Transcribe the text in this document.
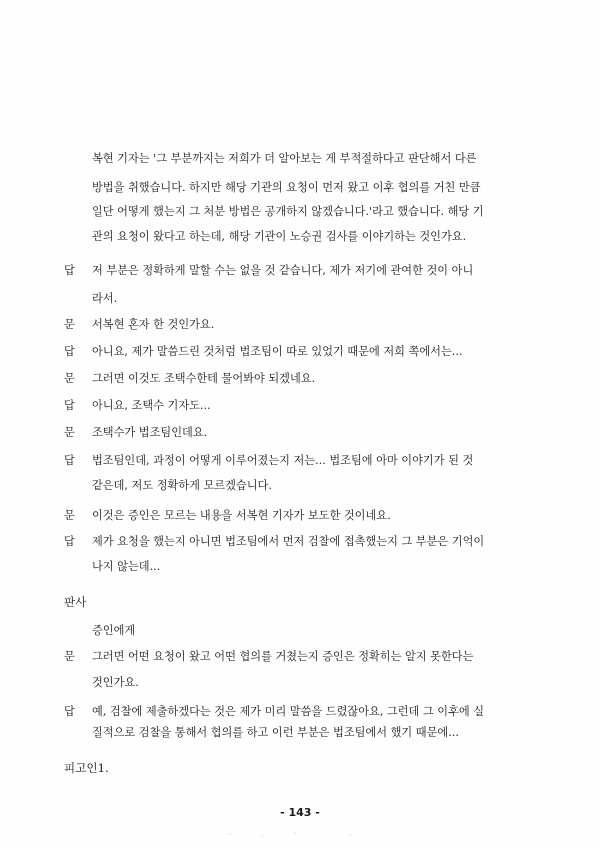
복현 기자는 '그 부분까지는 저희가 더 알아보는 게 부적절하다고 판단해서 다른
방법을 취했습니다. 하지만 해당 기관의 요청이 먼저 왔고 이후 협의를 거친 만큼
일단 어떻게 했는지 그 처분 방법은 공개하지 않겠습니다.'라고 했습니다. 해당 기
관의 요청이 왔다고 하는데, 해당 기관이 노승권 검사를 이야기하는 것인가요.
답 저 부분은 정확하게 말할 수는 없을 것 같습니다, 제가 저기에 관여한 것이 아니
라서.
문 서복현 혼자 한 것인가요.
답 아니요, 제가 말씀드린 것처럼 법조팀이 따로 있었기 때문에 저희 쪽에서는...
문 그러면 이것도 조택수한테 물어봐야 되겠네요.
답 아니요, 조택수 기자도...
문 조택수가 법조팀인데요.
답 법조팀인데, 과정이 어떻게 이루어졌는지 저는... 법조팀에 아마 이야기가 된 것
같은데, 저도 정확하게 모르겠습니다.
문 이것은 증인은 모르는 내용을 서복현 기자가 보도한 것이네요.
답 제가 요청을 했는지 아니면 법조팀에서 먼저 검찰에 접촉했는지 그 부분은 기억이
나지 않는데...
판사
증인에게
문 그러면 어떤 요청이 왔고 어떤 협의를 거쳤는지 증인은 정확히는 알지 못한다는
것인가요.
답 예, 검찰에 제출하겠다는 것은 제가 미리 말씀을 드렸잖아요, 그런데 그 이후에 실
질적으로 검찰을 통해서 협의를 하고 이런 부분은 법조팀에서 했기 때문에...
피고인1.
- 143 -
